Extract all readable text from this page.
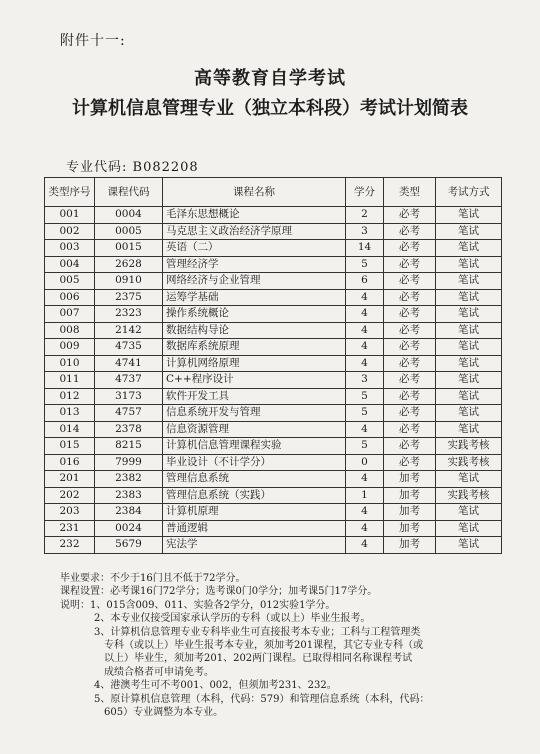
附件十一:
高等教育自学考试
计算机信息管理专业（独立本科段）考试计划简表
专业代码: B082208
类型序号	课程代码	课程名称	学分	类型	考试方式
001	0004	毛泽东思想概论	2	必考	笔试
002	0005	马克思主义政治经济学原理	3	必考	笔试
003	0015	英语（二）	14	必考	笔试
004	2628	管理经济学	5	必考	笔试
005	0910	网络经济与企业管理	6	必考	笔试
006	2375	运筹学基础	4	必考	笔试
007	2323	操作系统概论	4	必考	笔试
008	2142	数据结构导论	4	必考	笔试
009	4735	数据库系统原理	4	必考	笔试
010	4741	计算机网络原理	4	必考	笔试
011	4737	C++程序设计	3	必考	笔试
012	3173	软件开发工具	5	必考	笔试
013	4757	信息系统开发与管理	5	必考	笔试
014	2378	信息资源管理	4	必考	笔试
015	8215	计算机信息管理课程实验	5	必考	实践考核
016	7999	毕业设计（不计学分）	0	必考	实践考核
201	2382	管理信息系统	4	加考	笔试
202	2383	管理信息系统（实践）	1	加考	实践考核
203	2384	计算机原理	4	加考	笔试
231	0024	普通逻辑	4	加考	笔试
232	5679	宪法学	4	加考	笔试
毕业要求：不少于16门且不低于72学分。
课程设置：必考课16门72学分；选考课0门0学分；加考课5门17学分。
说明：1、015含009、011、实验各2学分，012实验1学分。
2、本专业仅接受国家承认学历的专科（或以上）毕业生报考。
3、计算机信息管理专业专科毕业生可直接报考本专业；工科与工程管理类
专科（或以上）毕业生报考本专业，须加考201课程，其它专业专科（或
以上）毕业生，须加考201、202两门课程。已取得相同名称课程考试
成绩合格者可申请免考。
4、港澳考生可不考001、002，但须加考231、232。
5、原计算机信息管理（本科，代码：579）和管理信息系统（本科，代码：
605）专业调整为本专业。
